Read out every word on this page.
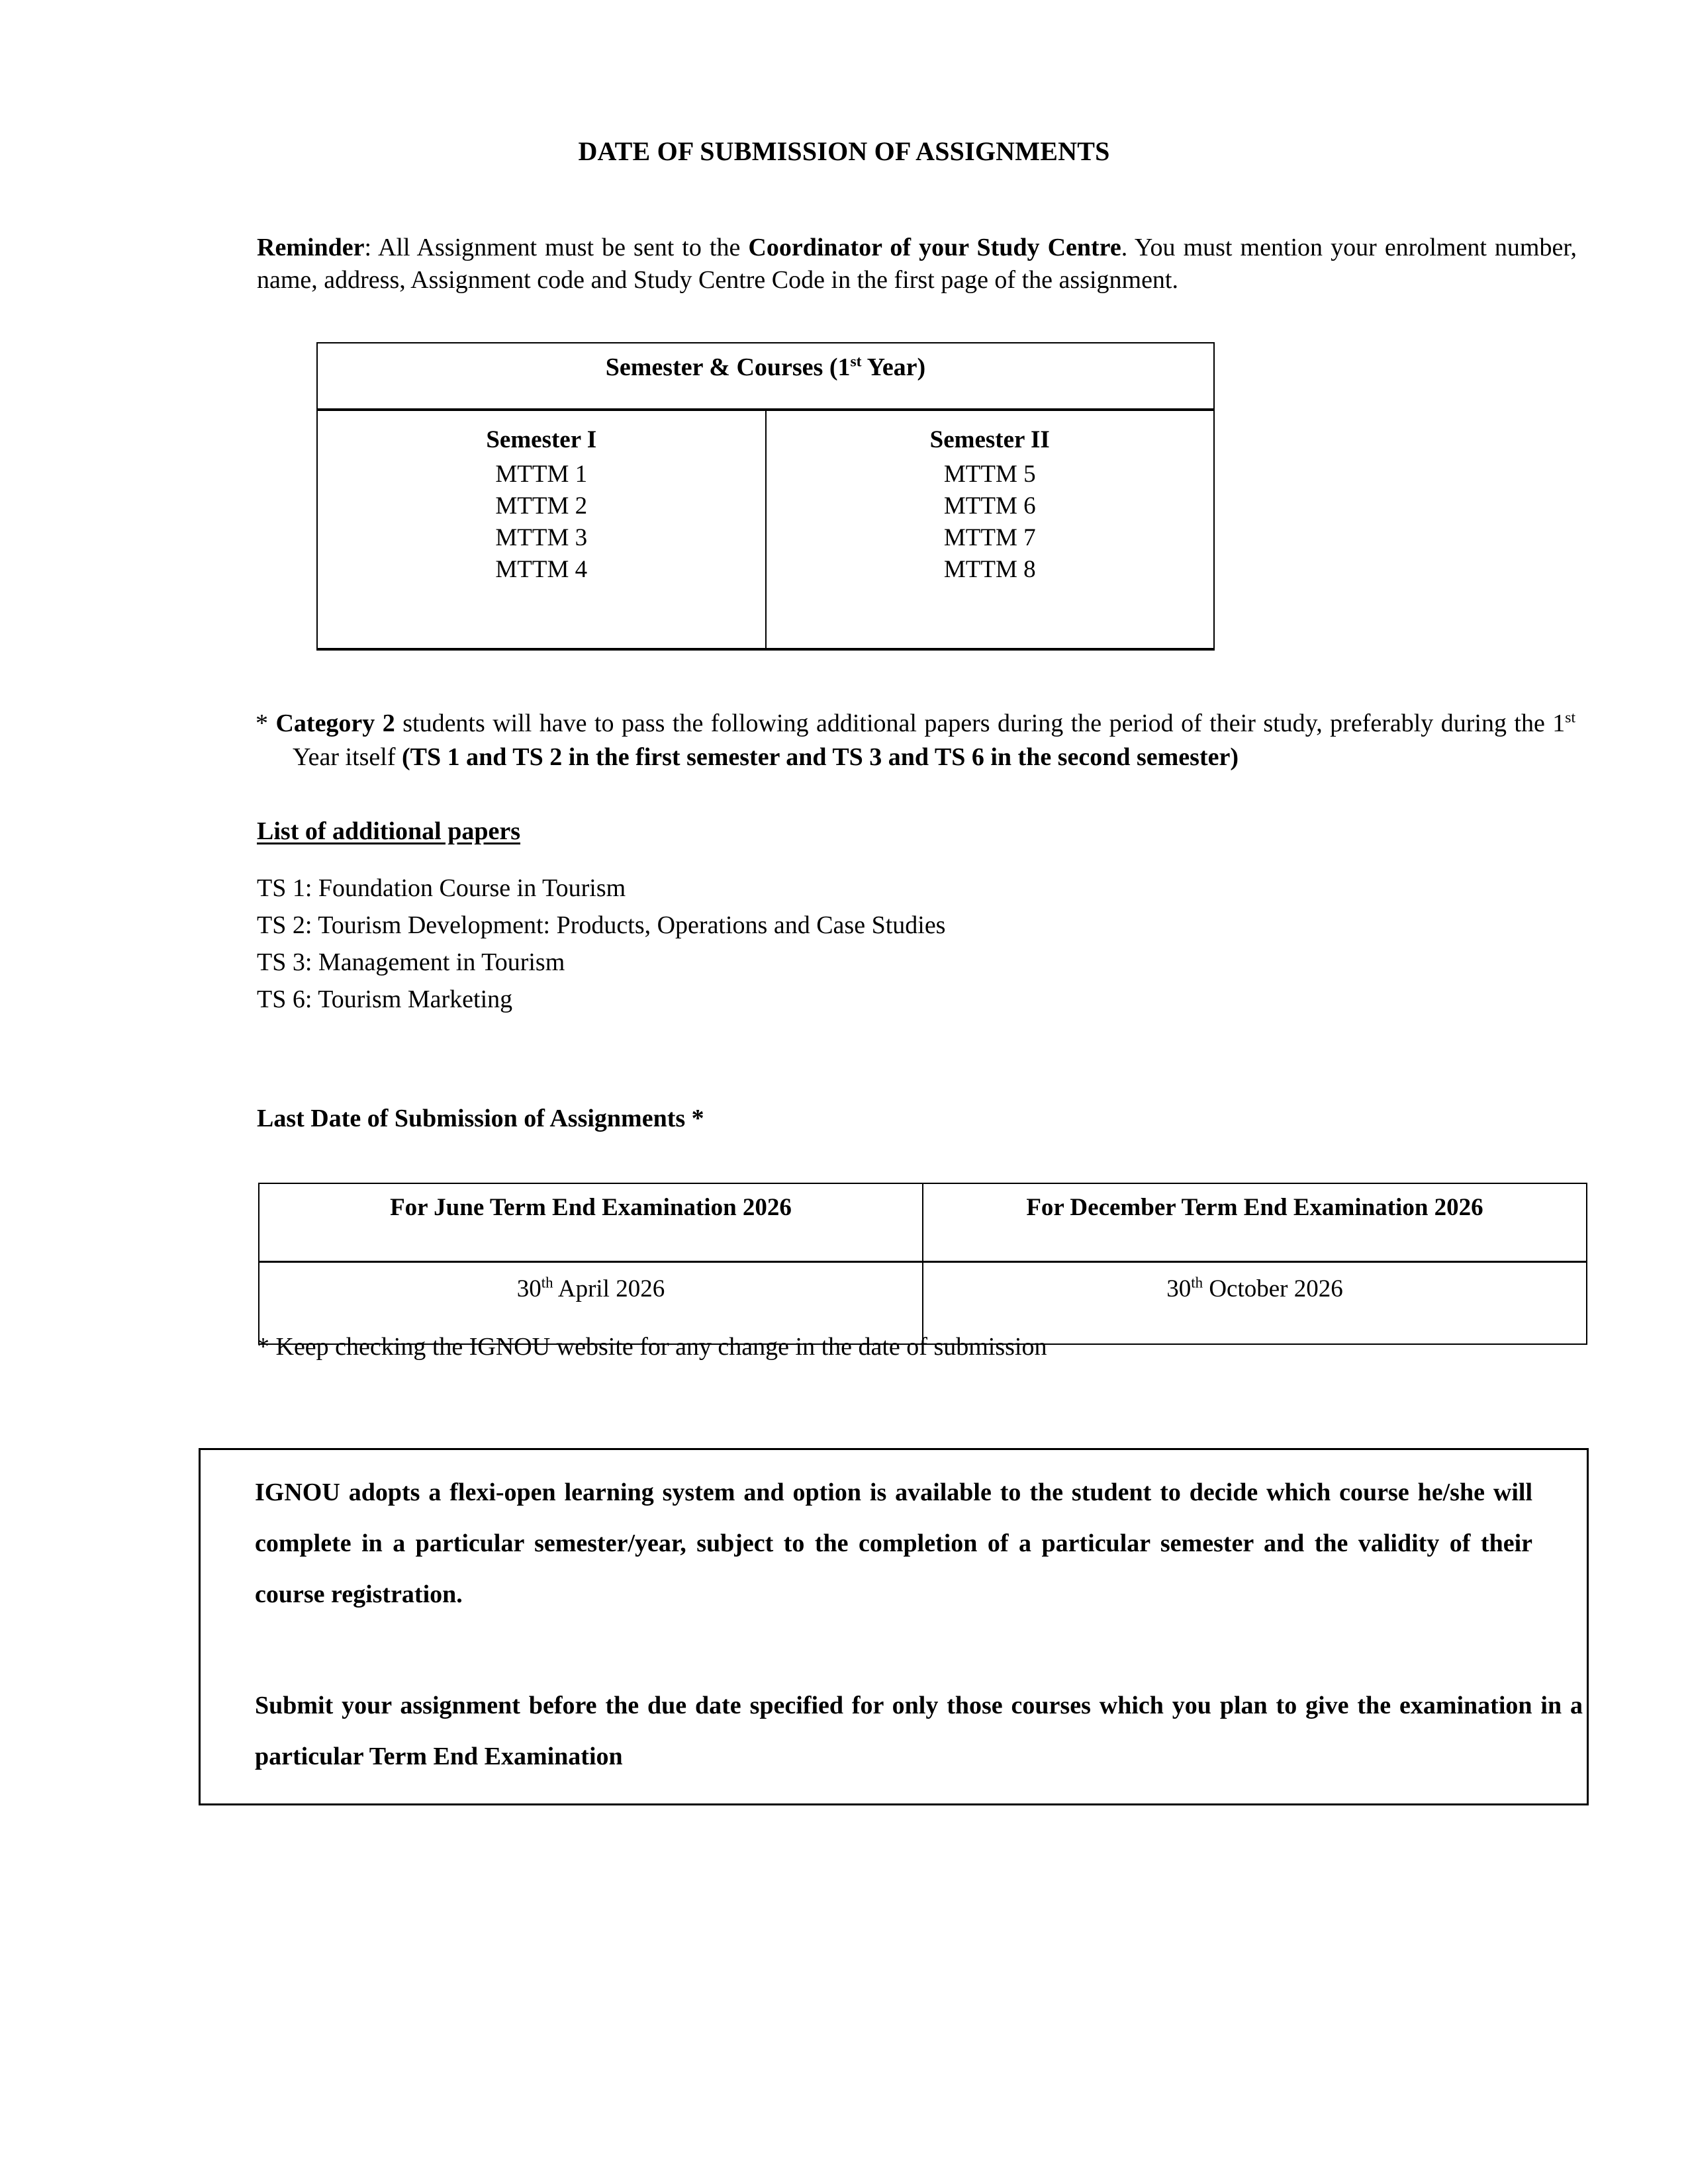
DATE OF SUBMISSION OF ASSIGNMENTS

Reminder: All Assignment must be sent to the Coordinator of your Study Centre. You must mention your enrolment number, name, address, Assignment code and Study Centre Code in the first page of the assignment.

Semester & Courses (1st Year)

Semester I
MTTM 1
MTTM 2
MTTM 3
MTTM 4

Semester II
MTTM 5
MTTM 6
MTTM 7
MTTM 8

* Category 2 students will have to pass the following additional papers during the period of their study, preferably during the 1st Year itself (TS 1 and TS 2 in the first semester and TS 3 and TS 6 in the second semester)

List of additional papers
TS 1: Foundation Course in Tourism
TS 2: Tourism Development: Products, Operations and Case Studies
TS 3: Management in Tourism
TS 6: Tourism Marketing
Last Date of Submission of Assignments *
For June Term End Examination 2026	For December Term End Examination 2026
30th April 2026	30th October 2026
* Keep checking the IGNOU website for any change in the date of submission

IGNOU adopts a flexi-open learning system and option is available to the student to decide which course he/she will complete in a particular semester/year, subject to the completion of a particular semester and the validity of their course registration.

Submit your assignment before the due date specified for only those courses which you plan to give the examination in a particular Term End Examination
